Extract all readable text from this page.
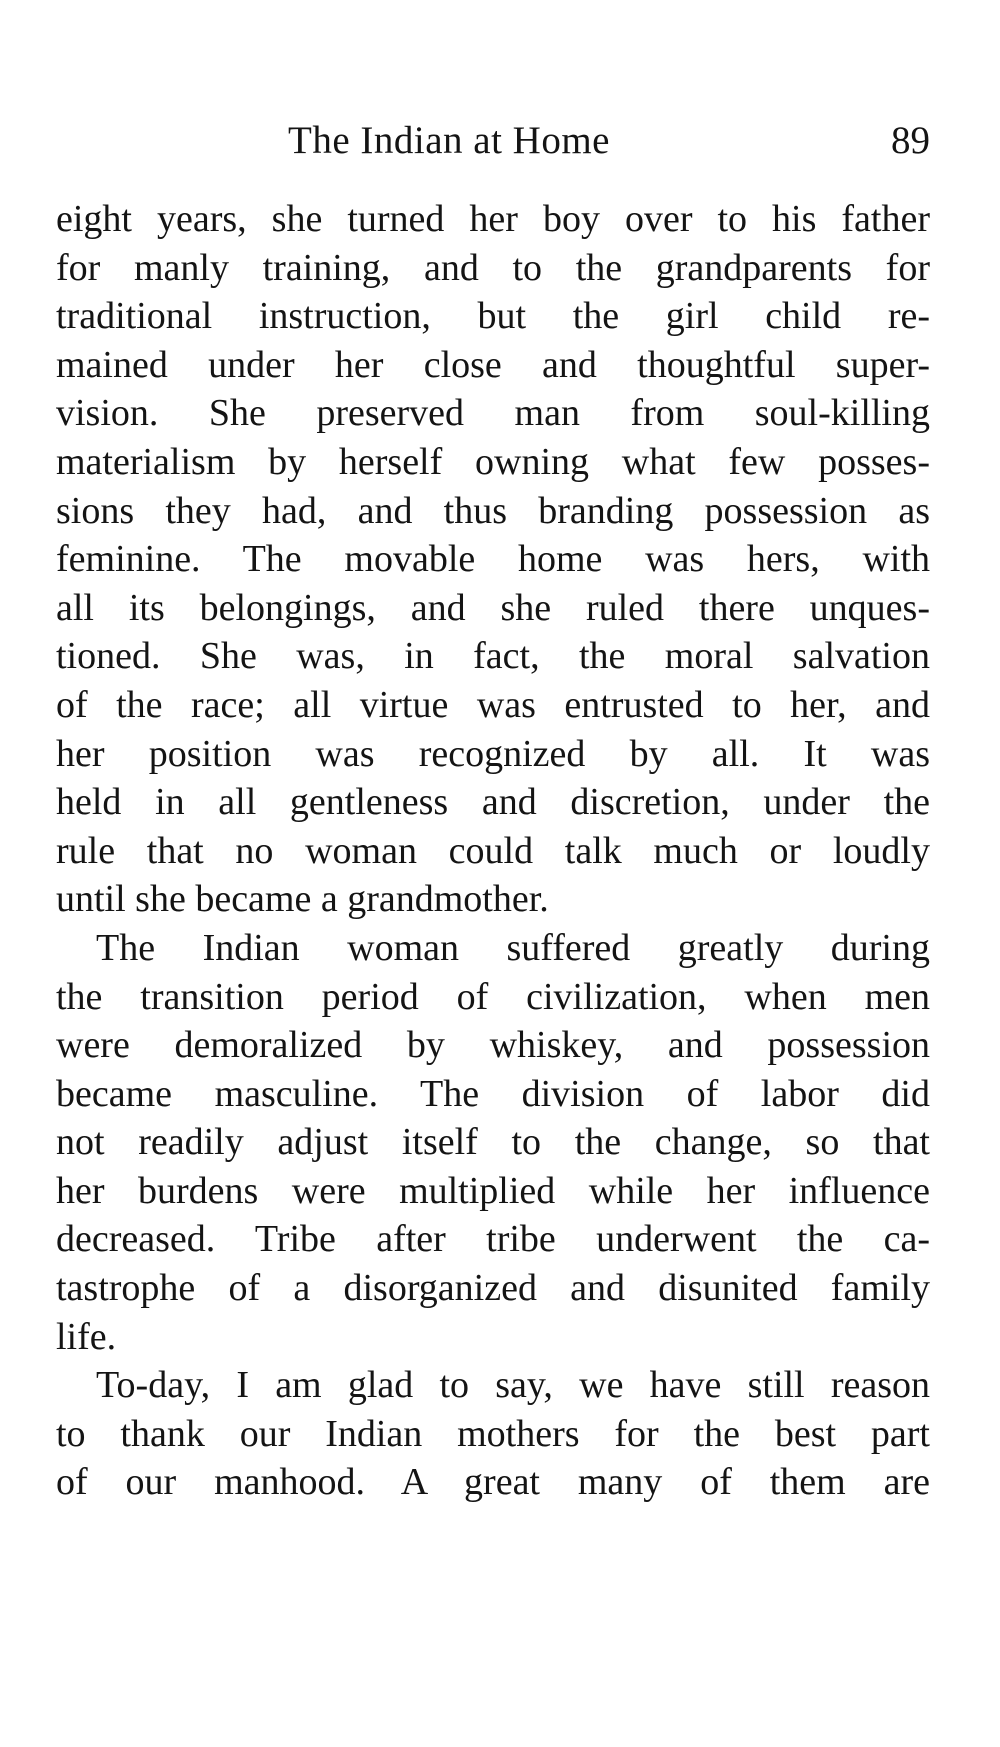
The Indian at Home	89

eight years, she turned her boy over to his father
for manly training, and to the grandparents for
traditional instruction, but the girl child re-
mained under her close and thoughtful super-
vision. She preserved man from soul-killing
materialism by herself owning what few posses-
sions they had, and thus branding possession as
feminine. The movable home was hers, with
all its belongings, and she ruled there unques-
tioned. She was, in fact, the moral salvation
of the race; all virtue was entrusted to her, and
her position was recognized by all. It was
held in all gentleness and discretion, under the
rule that no woman could talk much or loudly
until she became a grandmother.

The Indian woman suffered greatly during
the transition period of civilization, when men
were demoralized by whiskey, and possession
became masculine. The division of labor did
not readily adjust itself to the change, so that
her burdens were multiplied while her influence
decreased. Tribe after tribe underwent the ca-
tastrophe of a disorganized and disunited family
life.

To-day, I am glad to say, we have still reason
to thank our Indian mothers for the best part
of our manhood. A great many of them are
